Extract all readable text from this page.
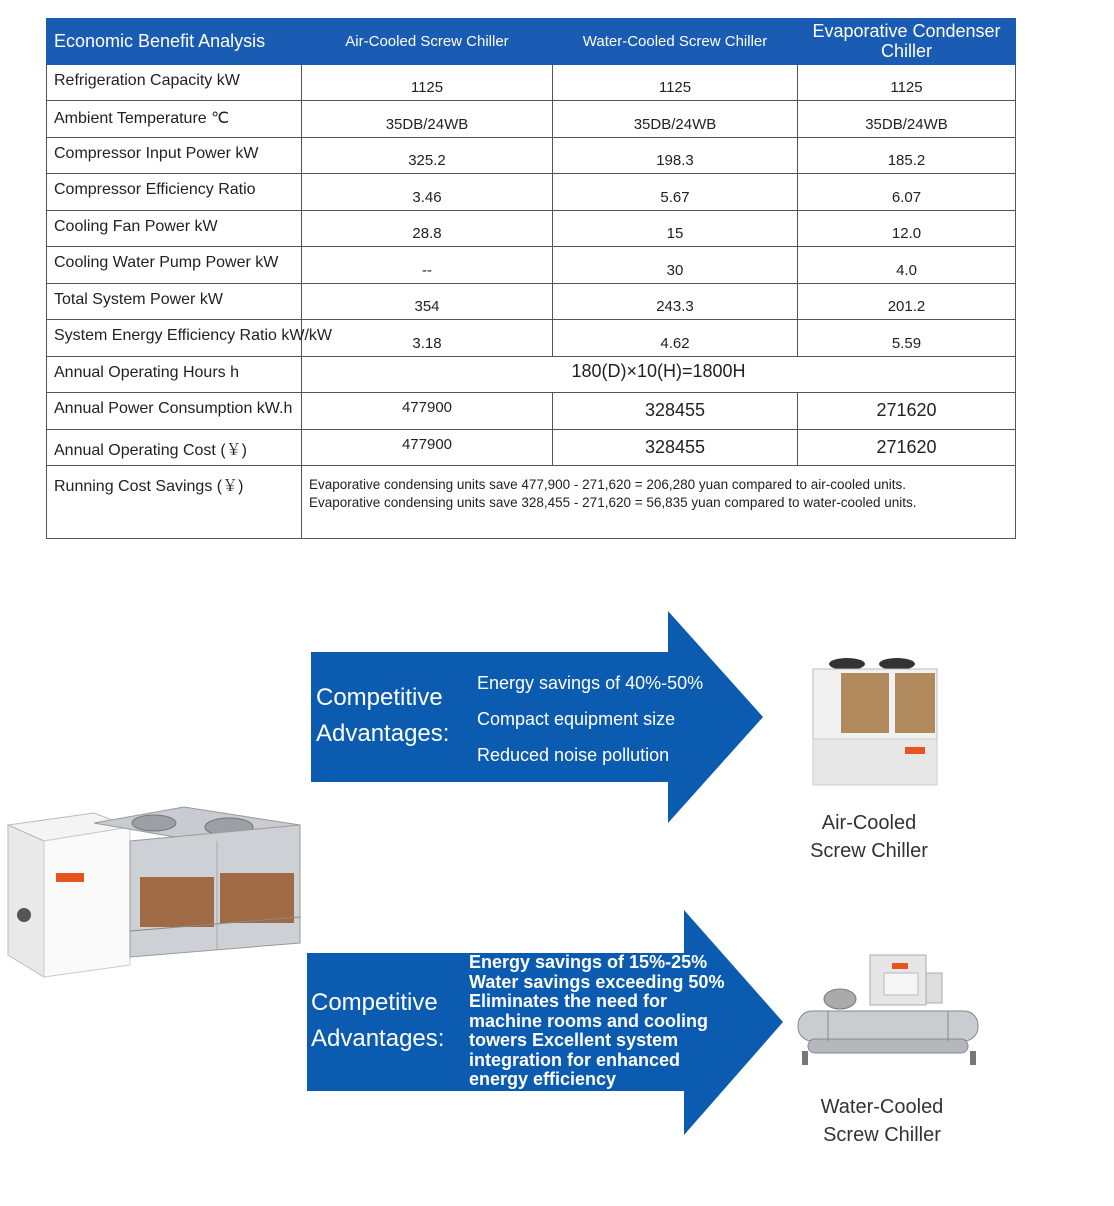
Economic Benefit Analysis	Air-Cooled Screw Chiller	Water-Cooled Screw Chiller	Evaporative Condenser Chiller
Refrigeration Capacity kW	1125	1125	1125
Ambient Temperature ℃	35DB/24WB	35DB/24WB	35DB/24WB
Compressor Input Power kW	325.2	198.3	185.2
Compressor Efficiency Ratio	3.46	5.67	6.07
Cooling Fan Power kW	28.8	15	12.0
Cooling Water Pump Power kW	--	30	4.0
Total System Power kW	354	243.3	201.2
System Energy Efficiency Ratio kW/kW	3.18	4.62	5.59
Annual Operating Hours h	180(D)×10(H)=1800H		
Annual Power Consumption kW.h	477900	328455	271620
Annual Operating Cost (￥)	477900	328455	271620
Running Cost Savings (￥)	Evaporative condensing units save 477,900 - 271,620 = 206,280 yuan compared to air-cooled units.
Evaporative condensing units save 328,455 - 271,620 = 56,835 yuan compared to water-cooled units.		

Competitive
Advantages:

Energy savings of 40%-50%
Compact equipment size
Reduced noise pollution

Competitive
Advantages:

Energy savings of 15%-25% Water savings exceeding 50% Eliminates the need for machine rooms and cooling towers Excellent system integration for enhanced energy efficiency
Air-Cooled
Screw Chiller
Water-Cooled
Screw Chiller
